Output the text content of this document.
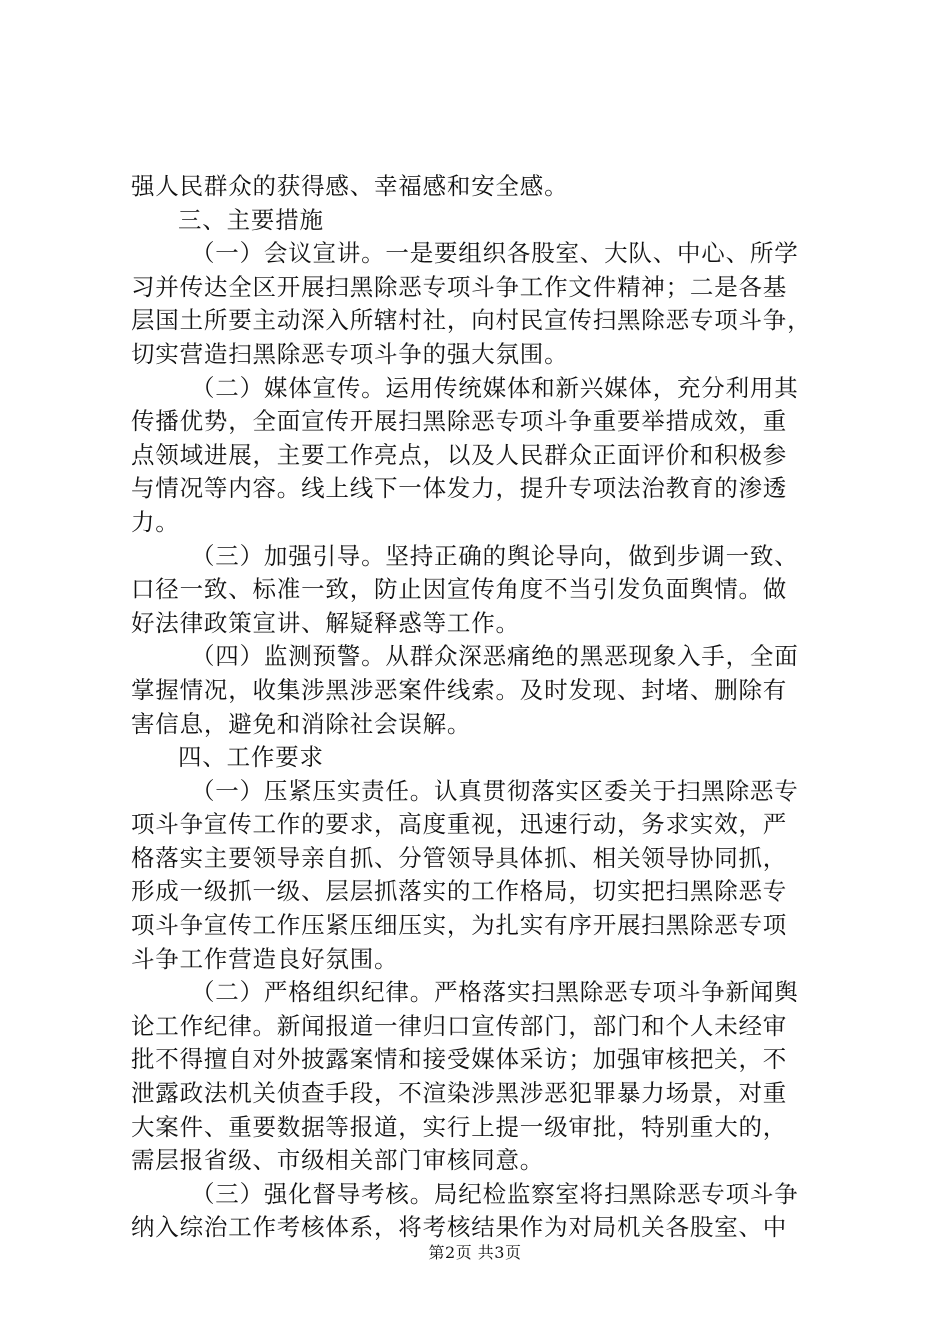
强人民群众的获得感、幸福感和安全感。
三、主要措施
（一）会议宣讲。一是要组织各股室、大队、中心、所学
习并传达全区开展扫黑除恶专项斗争工作文件精神；二是各基
层国土所要主动深入所辖村社，向村民宣传扫黑除恶专项斗争，
切实营造扫黑除恶专项斗争的强大氛围。
（二）媒体宣传。运用传统媒体和新兴媒体，充分利用其
传播优势，全面宣传开展扫黑除恶专项斗争重要举措成效，重
点领域进展，主要工作亮点，以及人民群众正面评价和积极参
与情况等内容。线上线下一体发力，提升专项法治教育的渗透
力。
（三）加强引导。坚持正确的舆论导向，做到步调一致、
口径一致、标准一致，防止因宣传角度不当引发负面舆情。做
好法律政策宣讲、解疑释惑等工作。
（四）监测预警。从群众深恶痛绝的黑恶现象入手，全面
掌握情况，收集涉黑涉恶案件线索。及时发现、封堵、删除有
害信息，避免和消除社会误解。
四、工作要求
（一）压紧压实责任。认真贯彻落实区委关于扫黑除恶专
项斗争宣传工作的要求，高度重视，迅速行动，务求实效，严
格落实主要领导亲自抓、分管领导具体抓、相关领导协同抓，
形成一级抓一级、层层抓落实的工作格局，切实把扫黑除恶专
项斗争宣传工作压紧压细压实，为扎实有序开展扫黑除恶专项
斗争工作营造良好氛围。
（二）严格组织纪律。严格落实扫黑除恶专项斗争新闻舆
论工作纪律。新闻报道一律归口宣传部门，部门和个人未经审
批不得擅自对外披露案情和接受媒体采访；加强审核把关，不
泄露政法机关侦查手段，不渲染涉黑涉恶犯罪暴力场景，对重
大案件、重要数据等报道，实行上提一级审批，特别重大的，
需层报省级、市级相关部门审核同意。
（三）强化督导考核。局纪检监察室将扫黑除恶专项斗争
纳入综治工作考核体系，将考核结果作为对局机关各股室、中
第2页 共3页
